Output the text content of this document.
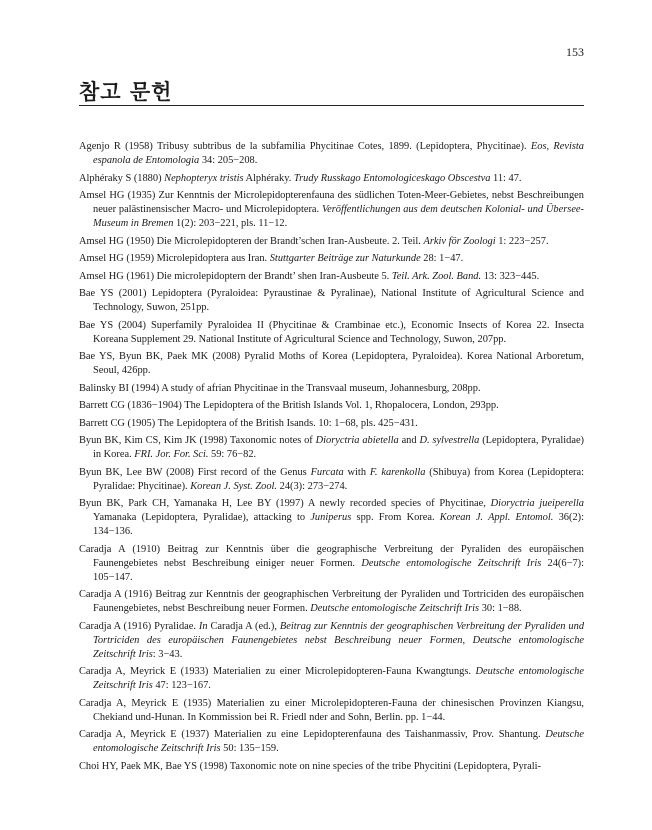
153
참고 문헌

Agenjo R (1958) Tribusy subtribus de la subfamilia Phycitinae Cotes, 1899. (Lepidoptera, Phycitinae). Eos, Revista espanola de Entomologia 34: 205−208.

Alphéraky S (1880) Nephopteryx tristis Alphéraky. Trudy Russkago Entomologiceskago Obscestva 11: 47.

Amsel HG (1935) Zur Kenntnis der Microlepidopterenfauna des südlichen Toten-Meer-Gebietes, nebst Beschreibungen neuer palästinensischer Macro- und Microlepidoptera. Veröffentlichungen aus dem deutschen Kolonial- und Übersee-Museum in Bremen 1(2): 203−221, pls. 11−12.

Amsel HG (1950) Die Microlepidopteren der Brandt’schen Iran-Ausbeute. 2. Teil. Arkiv för Zoologi 1: 223−257.

Amsel HG (1959) Microlepidoptera aus Iran. Stuttgarter Beiträge zur Naturkunde 28: 1−47.

Amsel HG (1961) Die microlepidoptern der Brandt’ shen Iran-Ausbeute 5. Teil. Ark. Zool. Band. 13: 323−445.

Bae YS (2001) Lepidoptera (Pyraloidea: Pyraustinae & Pyralinae), National Institute of Agricultural Science and Technology, Suwon, 251pp.

Bae YS (2004) Superfamily Pyraloidea II (Phycitinae & Crambinae etc.), Economic Insects of Korea 22. Insecta Koreana Supplement 29. National Institute of Agricultural Science and Technology, Suwon, 207pp.

Bae YS, Byun BK, Paek MK (2008) Pyralid Moths of Korea (Lepidoptera, Pyraloidea). Korea National Arboretum, Seoul, 426pp.

Balinsky BI (1994) A study of afrian Phycitinae in the Transvaal museum, Johannesburg, 208pp.

Barrett CG (1836−1904) The Lepidoptera of the British Islands Vol. 1, Rhopalocera, London, 293pp.

Barrett CG (1905) The Lepidoptera of the British Isands. 10: 1−68, pls. 425−431.

Byun BK, Kim CS, Kim JK (1998) Taxonomic notes of Dioryctria abietella and D. sylvestrella (Lepidoptera, Pyralidae) in Korea. FRI. Jor. For. Sci. 59: 76−82.

Byun BK, Lee BW (2008) First record of the Genus Furcata with F. karenkolla (Shibuya) from Korea (Lepidoptera: Pyralidae: Phycitinae). Korean J. Syst. Zool. 24(3): 273−274.

Byun BK, Park CH, Yamanaka H, Lee BY (1997) A newly recorded species of Phycitinae, Dioryctria jueiperella Yamanaka (Lepidoptera, Pyralidae), attacking to Juniperus spp. From Korea. Korean J. Appl. Entomol. 36(2): 134−136.

Caradja A (1910) Beitrag zur Kenntnis über die geographische Verbreitung der Pyraliden des europäischen Faunengebietes nebst Beschreibung einiger neuer Formen. Deutsche entomologische Zeitschrift Iris 24(6−7): 105−147.

Caradja A (1916) Beitrag zur Kenntnis der geographischen Verbreitung der Pyraliden und Tortriciden des europäischen Faunengebietes, nebst Beschreibung neuer Formen. Deutsche entomologische Zeitschrift Iris 30: 1−88.

Caradja A (1916) Pyralidae. In Caradja A (ed.), Beitrag zur Kenntnis der geographischen Verbreitung der Pyraliden und Tortriciden des europäischen Faunengebietes nebst Beschreibung neuer Formen, Deutsche entomologische Zeitschrift Iris: 3−43.

Caradja A, Meyrick E (1933) Materialien zu einer Microlepidopteren-Fauna Kwangtungs. Deutsche entomologische Zeitschrift Iris 47: 123−167.

Caradja A, Meyrick E (1935) Materialien zu einer Microlepidopteren-Fauna der chinesischen Provinzen Kiangsu, Chekiand und-Hunan. In Kommission bei R. Friedl nder and Sohn, Berlin. pp. 1−44.

Caradja A, Meyrick E (1937) Materialien zu eine Lepidopterenfauna des Taishanmassiv, Prov. Shantung. Deutsche entomologische Zeitschrift Iris 50: 135−159.

Choi HY, Paek MK, Bae YS (1998) Taxonomic note on nine species of the tribe Phycitini (Lepidoptera, Pyrali-
